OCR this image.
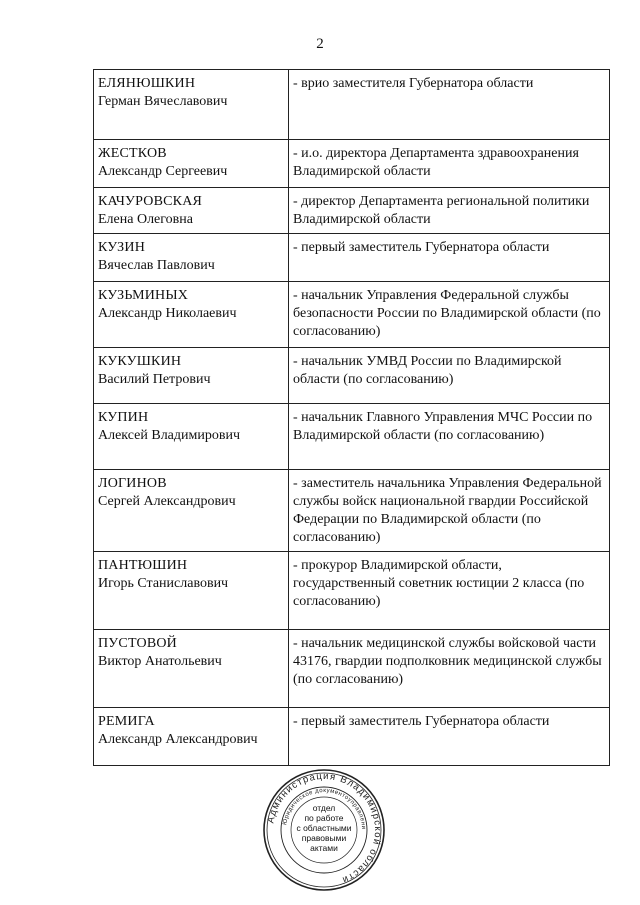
2
ЕЛЯНЮШКИН
Герман Вячеславович	- врио заместителя Губернатора области

ЖЕСТКОВ
Александр Сергеевич	- и.о. директора Департамента здравоохранения Владимирской области

КАЧУРОВСКАЯ
Елена Олеговна	- директор Департамента региональной политики Владимирской области

КУЗИН
Вячеслав Павлович	- первый заместитель Губернатора области

КУЗЬМИНЫХ
Александр Николаевич	- начальник Управления Федеральной службы безопасности России по Владимирской области (по согласованию)

КУКУШКИН
Василий Петрович	- начальник УМВД России по Владимирской области (по согласованию)

КУПИН
Алексей Владимирович	- начальник Главного Управления МЧС России по Владимирской области (по согласованию)

ЛОГИНОВ
Сергей Александрович	- заместитель начальника Управления Федеральной службы войск национальной гвардии Российской Федерации по Владимирской области (по согласованию)

ПАНТЮШИН
Игорь Станиславович	- прокурор Владимирской области, государственный советник юстиции 2 класса (по согласованию)

ПУСТОВОЙ
Виктор Анатольевич	- начальник медицинской службы войсковой части 43176, гвардии подполковник медицинской службы (по согласованию)

РЕМИГА
Александр Александрович	- первый заместитель Губернатора области
Администрация Владимирской области
Юридическое документоуправлени
отдел
по работе
с областными
правовыми
актами
